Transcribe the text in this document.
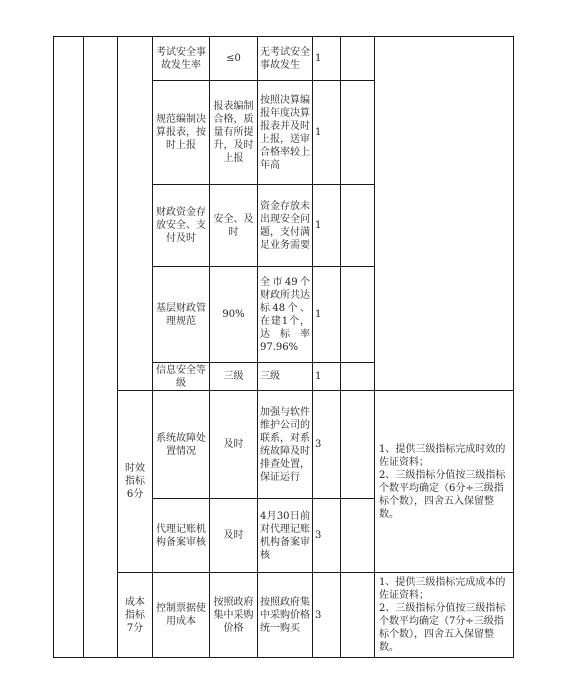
考试安全事故发生率
≤0
无考试安全事故发生
1
规范编制决算报表，按时上报
报表编制合格，质量有所提升，及时上报
按照决算编报年度决算报表并及时上报，送审合格率较上年高
1
财政资金存放安全、支付及时
安全、及时
资金存放未出现安全问题，支付满足业务需要
1
基层财政管理规范
90%
全市49个财政所共达标48个、在建1个，达标率97.96%
1
信息安全等级
三级 三级	1
时效指标6分
系统故障处置情况
及时
加强与软件维护公司的联系，对系统故障及时排查处置，保证运行
3
代理记账机构备案审核
及时
4月30日前对代理记账机构备案审核
3
1、提供三级指标完成时效的佐证资料；
2、三级指标分值按三级指标个数平均确定（6分÷三级指标个数），四舍五入保留整数。
成本指标7分
控制票据使用成本
按照政府集中采购价格
按照政府集中采购价格统一购买
3
1、提供三级指标完成成本的佐证资料；
2、三级指标分值按三级指标个数平均确定（7分÷三级指标个数），四舍五入保留整数。
